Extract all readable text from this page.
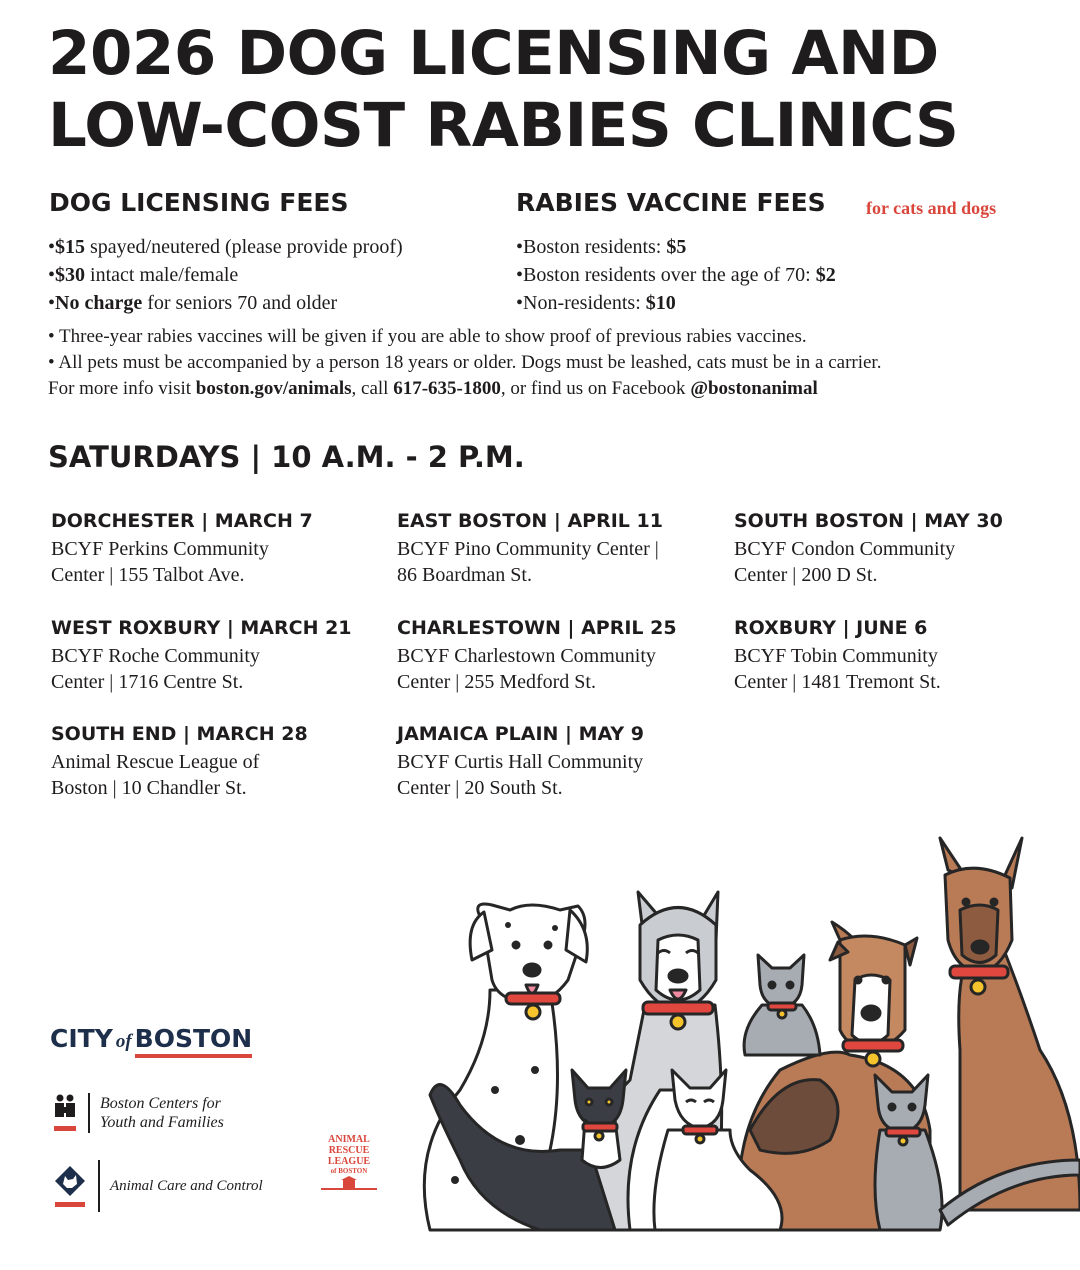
2026 DOG LICENSING AND
LOW-COST RABIES CLINICS
DOG LICENSING FEES
•$15 spayed/neutered (please provide proof)
•$30 intact male/female
•No charge for seniors 70 and older
RABIES VACCINE FEES for cats and dogs
•Boston residents: $5
•Boston residents over the age of 70: $2
•Non-residents: $10

• Three-year rabies vaccines will be given if you are able to show proof of previous rabies vaccines.

• All pets must be accompanied by a person 18 years or older. Dogs must be leashed, cats must be in a carrier.

For more info visit boston.gov/animals, call 617-635-1800, or find us on Facebook @bostonanimal

SATURDAYS | 10 A.M. - 2 P.M.
DORCHESTER | MARCH 7
BCYF Perkins Community
Center | 155 Talbot Ave.
EAST BOSTON | APRIL 11
BCYF Pino Community Center |
86 Boardman St.
SOUTH BOSTON | MAY 30
BCYF Condon Community
Center | 200 D St.
WEST ROXBURY | MARCH 21
BCYF Roche Community
Center | 1716 Centre St.
CHARLESTOWN | APRIL 25
BCYF Charlestown Community
Center | 255 Medford St.
ROXBURY | JUNE 6
BCYF Tobin Community
Center | 1481 Tremont St.
SOUTH END | MARCH 28
Animal Rescue League of
Boston | 10 Chandler St.
JAMAICA PLAIN | MAY 9
BCYF Curtis Hall Community
Center | 20 South St.
CITY of BOSTON
Boston Centers for
Youth and Families
Animal Care and Control
ANIMAL
RESCUE
LEAGUE
of BOSTON
